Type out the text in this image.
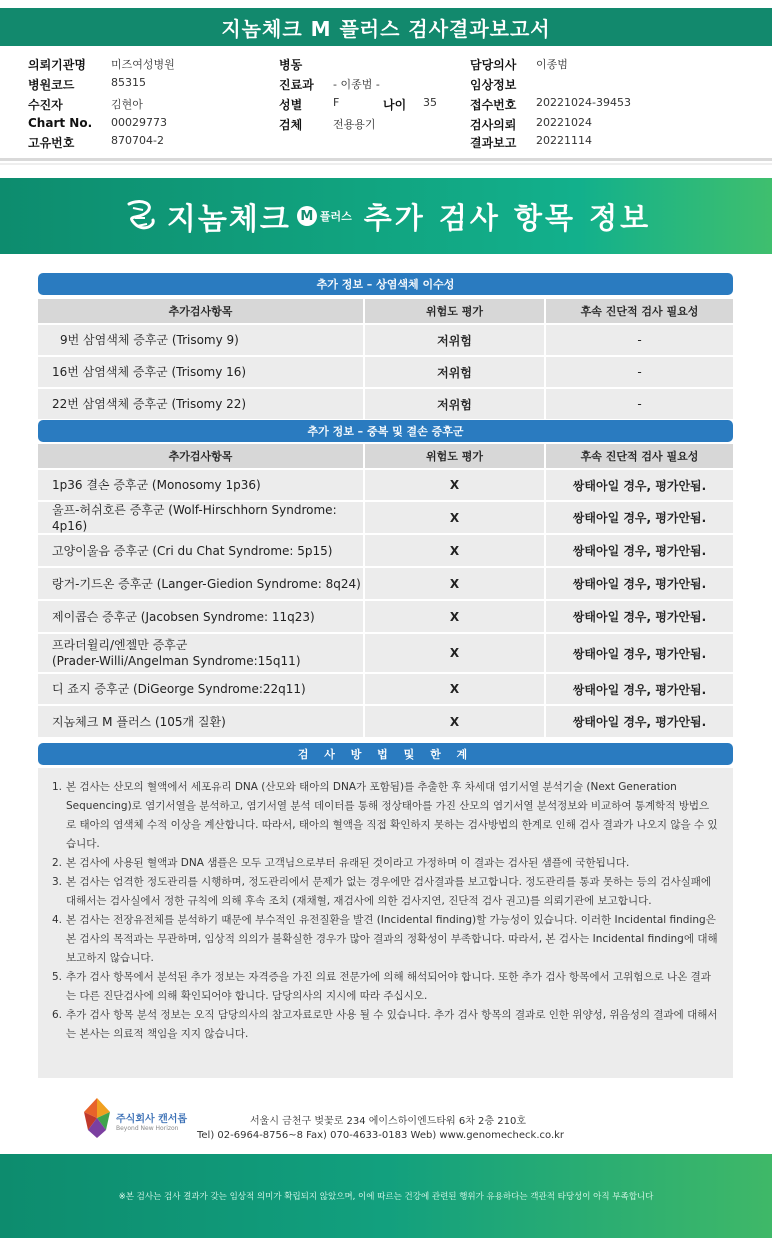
지놈체크 M 플러스 검사결과보고서
의뢰기관명 미즈여성병원	병동	담당의사 이종범
병원코드	85315	진료과 - 이종범 -	임상정보
수진자	김현아	성별	F	나이 35	접수번호 20221024-39453
Chart No. 00029773	검체	전용용기	검사의뢰 20221024
고유번호	870704-2	결과보고 20221114
지놈체크 M 플러스 추가 검사 항목 정보
추가 정보 – 상염색체 이수성
추가검사항목	위험도 평가	후속 진단적 검사 필요성
9번 삼염색체 증후군 (Trisomy 9)	저위험	-
16번 삼염색체 증후군 (Trisomy 16)	저위험	-
22번 삼염색체 증후군 (Trisomy 22)	저위험	-
추가 정보 – 중복 및 결손 증후군
추가검사항목	위험도 평가	후속 진단적 검사 필요성
1p36 결손 증후군 (Monosomy 1p36)	X	쌍태아일 경우, 평가안됨.
울프-허쉬호른 증후군 (Wolf-Hirschhorn Syndrome: 4p16)
X	쌍태아일 경우, 평가안됨.
고양이울음 증후군 (Cri du Chat Syndrome: 5p15)	X	쌍태아일 경우, 평가안됨.
랑거-기드온 증후군 (Langer-Giedion Syndrome: 8q24)	X	쌍태아일 경우, 평가안됨.
제이콥슨 증후군 (Jacobsen Syndrome: 11q23)	X	쌍태아일 경우, 평가안됨.
프라더윌리/엔젤만 증후군
(Prader-Willi/Angelman Syndrome:15q11)
X	쌍태아일 경우, 평가안됨.
디 죠지 증후군 (DiGeorge Syndrome:22q11)	X	쌍태아일 경우, 평가안됨.
지놈체크 M 플러스 (105개 질환)	X	쌍태아일 경우, 평가안됨.
검 사 방 법 및 한 계
1. 본 검사는 산모의 혈액에서 세포유리 DNA (산모와 태아의 DNA가 포함됨)를 추출한 후 차세대 염기서열 분석기술 (Next Generation Sequencing)로 염기서열을 분석하고, 염기서열 분석 데이터를 통해 정상태아를 가진 산모의 염기서열 분석정보와 비교하여 통계학적 방법으로 태아의 염색체 수적 이상을 계산합니다. 따라서, 태아의 혈액을 직접 확인하지 못하는 검사방법의 한계로 인해 검사 결과가 나오지 않을 수 있습니다.
2. 본 검사에 사용된 혈액과 DNA 샘플은 모두 고객님으로부터 유래된 것이라고 가정하며 이 결과는 검사된 샘플에 국한됩니다.
3. 본 검사는 엄격한 정도관리를 시행하며, 정도관리에서 문제가 없는 경우에만 검사결과를 보고합니다. 정도관리를 통과 못하는 등의 검사실패에 대해서는 검사실에서 정한 규칙에 의해 후속 조치 (재채혈, 재검사에 의한 검사지연, 진단적 검사 권고)를 의뢰기관에 보고합니다.
4. 본 검사는 전장유전체를 분석하기 때문에 부수적인 유전질환을 발견 (Incidental finding)할 가능성이 있습니다. 이러한 Incidental finding은 본 검사의 목적과는 무관하며, 임상적 의의가 불확실한 경우가 많아 결과의 정확성이 부족합니다. 따라서, 본 검사는 Incidental finding에 대해 보고하지 않습니다.
5. 추가 검사 항목에서 분석된 추가 정보는 자격증을 가진 의료 전문가에 의해 해석되어야 합니다. 또한 추가 검사 항목에서 고위험으로 나온 결과는 다른 진단검사에 의해 확인되어야 합니다. 담당의사의 지시에 따라 주십시오.
6. 추가 검사 항목 분석 정보는 오직 담당의사의 참고자료로만 사용 될 수 있습니다. 추가 검사 항목의 결과로 인한 위양성, 위음성의 결과에 대해서는 본사는 의료적 책임을 지지 않습니다.
주식회사 캔서롭
Beyond New Horizon
서울시 금천구 벚꽃로 234 에이스하이엔드타워 6차 2층 210호
Tel) 02-6964-8756~8 Fax) 070-4633-0183 Web) www.genomecheck.co.kr
※본 검사는 검사 결과가 갖는 임상적 의미가 확립되지 않았으며, 이에 따르는 건강에 관련된 행위가 유용하다는 객관적 타당성이 아직 부족합니다
